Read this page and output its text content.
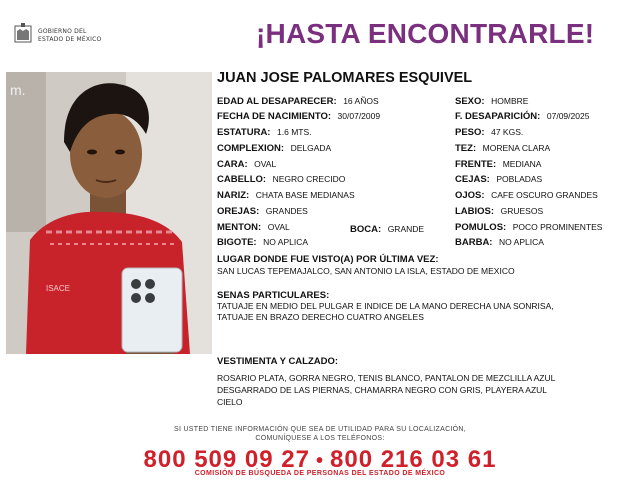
GOBIERNO DEL
ESTADO DE MÉXICO	¡HASTA ENCONTRARLE!
m.
ISACE
JUAN JOSE PALOMARES ESQUIVEL
EDAD AL DESAPARECER: 16 AÑOS
FECHA DE NACIMIENTO: 30/07/2009
ESTATURA: 1.6 MTS.
COMPLEXION: DELGADA
CARA: OVAL
CABELLO: NEGRO CRECIDO
NARIZ: CHATA BASE MEDIANAS
OREJAS: GRANDES
MENTON: OVAL	BOCA: GRANDE
BIGOTE: NO APLICA
SEXO: HOMBRE
F. DESAPARICIÓN: 07/09/2025
PESO: 47 KGS.
TEZ: MORENA CLARA
FRENTE: MEDIANA
CEJAS: POBLADAS
OJOS: CAFE OSCURO GRANDES
LABIOS: GRUESOS
POMULOS: POCO PROMINENTES
BARBA: NO APLICA
LUGAR DONDE FUE VISTO(A) POR ÚLTIMA VEZ:
SAN LUCAS TEPEMAJALCO, SAN ANTONIO LA ISLA, ESTADO DE MEXICO
SENAS PARTICULARES:
TATUAJE EN MEDIO DEL PULGAR E INDICE DE LA MANO DERECHA UNA SONRISA,
TATUAJE EN BRAZO DERECHO CUATRO ANGELES
VESTIMENTA Y CALZADO:
ROSARIO PLATA, GORRA NEGRO, TENIS BLANCO, PANTALON DE MEZCLILLA AZUL
DESGARRADO DE LAS PIERNAS, CHAMARRA NEGRO CON GRIS, PLAYERA AZUL
CIELO
SI USTED TIENE INFORMACIÓN QUE SEA DE UTILIDAD PARA SU LOCALIZACIÓN,
COMUNÍQUESE A LOS TELÉFONOS:
800 509 09 27 • 800 216 03 61
COMISIÓN DE BÚSQUEDA DE PERSONAS DEL ESTADO DE MÉXICO
